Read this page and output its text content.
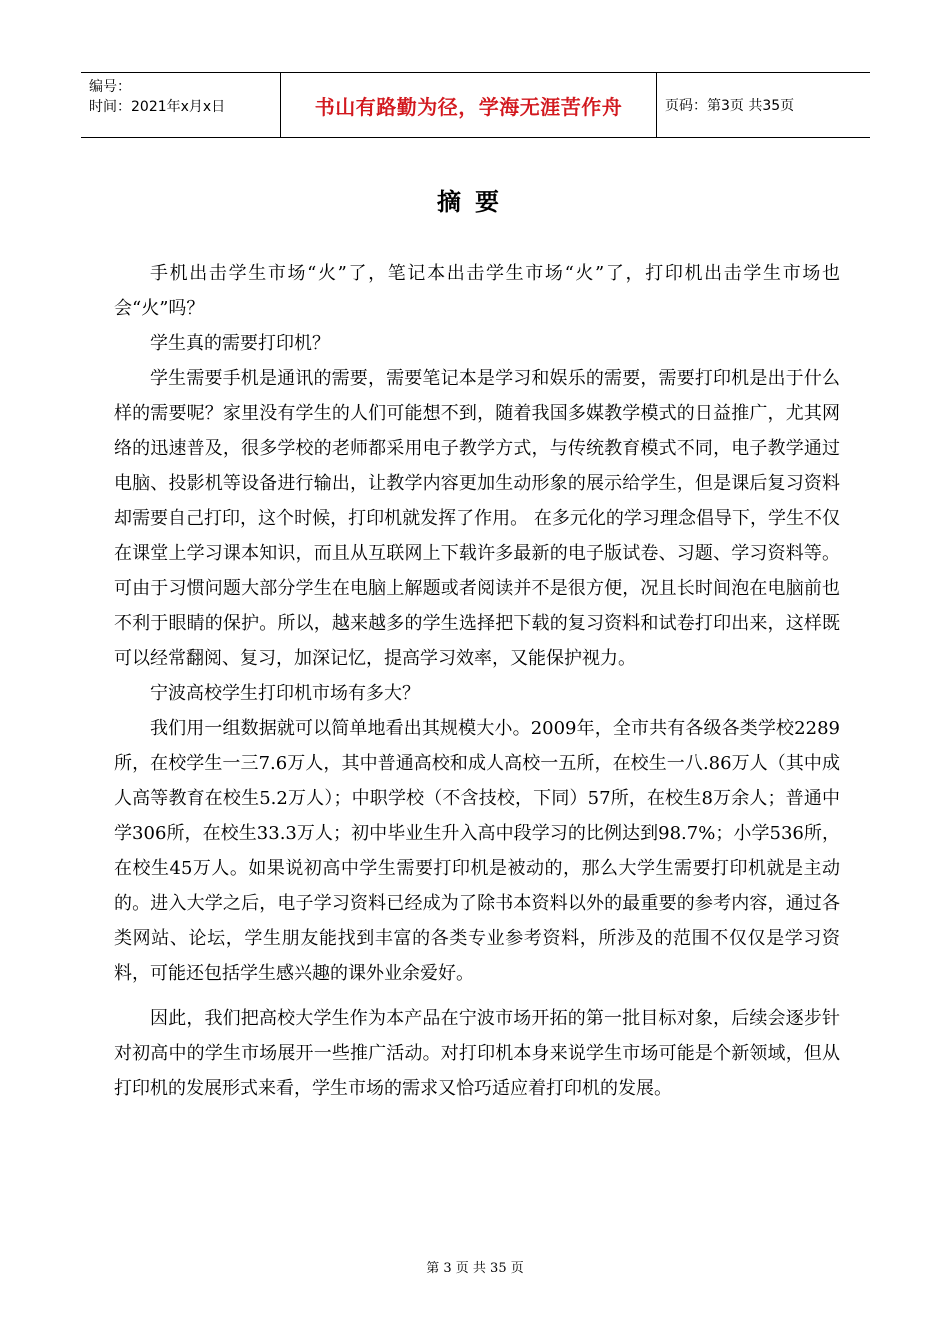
编号：
时间：2021年x月x日	书山有路勤为径，学海无涯苦作舟	页码：第3页 共35页
摘要

手机出击学生市场“火”了，笔记本出击学生市场“火”了，打印机出击学生市场也会“火”吗？

学生真的需要打印机？

学生需要手机是通讯的需要，需要笔记本是学习和娱乐的需要，需要打印机是出于什么样的需要呢？家里没有学生的人们可能想不到，随着我国多媒教学模式的日益推广，尤其网络的迅速普及，很多学校的老师都采用电子教学方式，与传统教育模式不同，电子教学通过电脑、投影机等设备进行输出，让教学内容更加生动形象的展示给学生，但是课后复习资料却需要自己打印，这个时候，打印机就发挥了作用。 在多元化的学习理念倡导下，学生不仅在课堂上学习课本知识，而且从互联网上下载许多最新的电子版试卷、习题、学习资料等。可由于习惯问题大部分学生在电脑上解题或者阅读并不是很方便，况且长时间泡在电脑前也不利于眼睛的保护。所以，越来越多的学生选择把下载的复习资料和试卷打印出来，这样既可以经常翻阅、复习，加深记忆，提高学习效率，又能保护视力。

宁波高校学生打印机市场有多大？

我们用一组数据就可以简单地看出其规模大小。2009年，全市共有各级各类学校2289所，在校学生一三7.6万人，其中普通高校和成人高校一五所，在校生一八.86万人（其中成人高等教育在校生5.2万人）；中职学校（不含技校，下同）57所，在校生8万余人；普通中学306所，在校生33.3万人；初中毕业生升入高中段学习的比例达到98.7%；小学536所，在校生45万人。如果说初高中学生需要打印机是被动的，那么大学生需要打印机就是主动的。进入大学之后，电子学习资料已经成为了除书本资料以外的最重要的参考内容，通过各类网站、论坛，学生朋友能找到丰富的各类专业参考资料，所涉及的范围不仅仅是学习资料，可能还包括学生感兴趣的课外业余爱好。

因此，我们把高校大学生作为本产品在宁波市场开拓的第一批目标对象，后续会逐步针对初高中的学生市场展开一些推广活动。对打印机本身来说学生市场可能是个新领域，但从打印机的发展形式来看，学生市场的需求又恰巧适应着打印机的发展。

第 3 页 共 35 页
